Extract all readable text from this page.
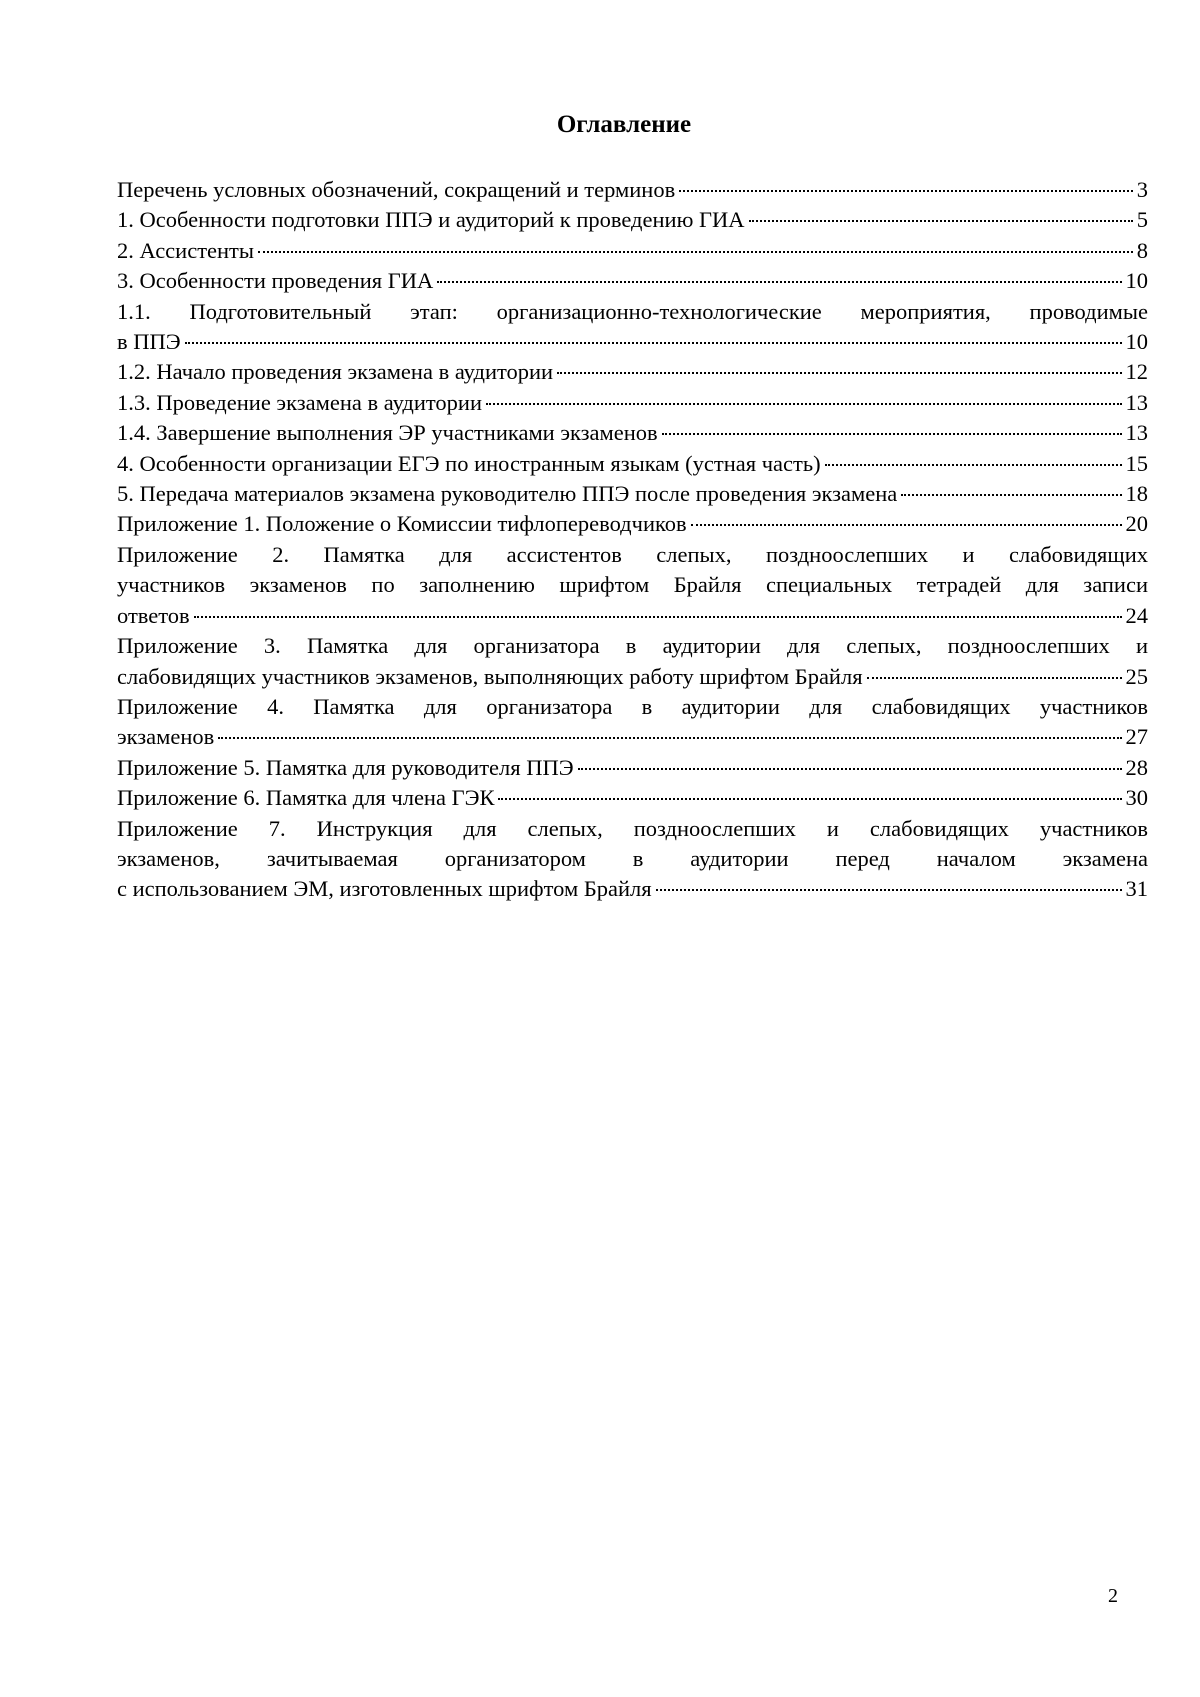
Оглавление
Перечень условных обозначений, сокращений и терминов	3
1. Особенности подготовки ППЭ и аудиторий к проведению ГИА	5
2. Ассистенты	8
3. Особенности проведения ГИА	10
1.1. Подготовительный этап: организационно-технологические мероприятия, проводимые
в ППЭ	10
1.2. Начало проведения экзамена в аудитории	12
1.3. Проведение экзамена в аудитории	13
1.4. Завершение выполнения ЭР участниками экзаменов	13
4. Особенности организации ЕГЭ по иностранным языкам (устная часть)	15
5. Передача материалов экзамена руководителю ППЭ после проведения экзамена	18
Приложение 1. Положение о Комиссии тифлопереводчиков	20
Приложение 2. Памятка для ассистентов слепых, поздноослепших и слабовидящих
участников экзаменов по заполнению шрифтом Брайля специальных тетрадей для записи
ответов	24
Приложение 3. Памятка для организатора в аудитории для слепых, поздноослепших и
слабовидящих участников экзаменов, выполняющих работу шрифтом Брайля	25
Приложение 4. Памятка для организатора в аудитории для слабовидящих участников
экзаменов	27
Приложение 5. Памятка для руководителя ППЭ	28
Приложение 6. Памятка для члена ГЭК	30
Приложение 7. Инструкция для слепых, поздноослепших и слабовидящих участников
экзаменов, зачитываемая организатором в аудитории перед началом экзамена
с использованием ЭМ, изготовленных шрифтом Брайля	31
2
